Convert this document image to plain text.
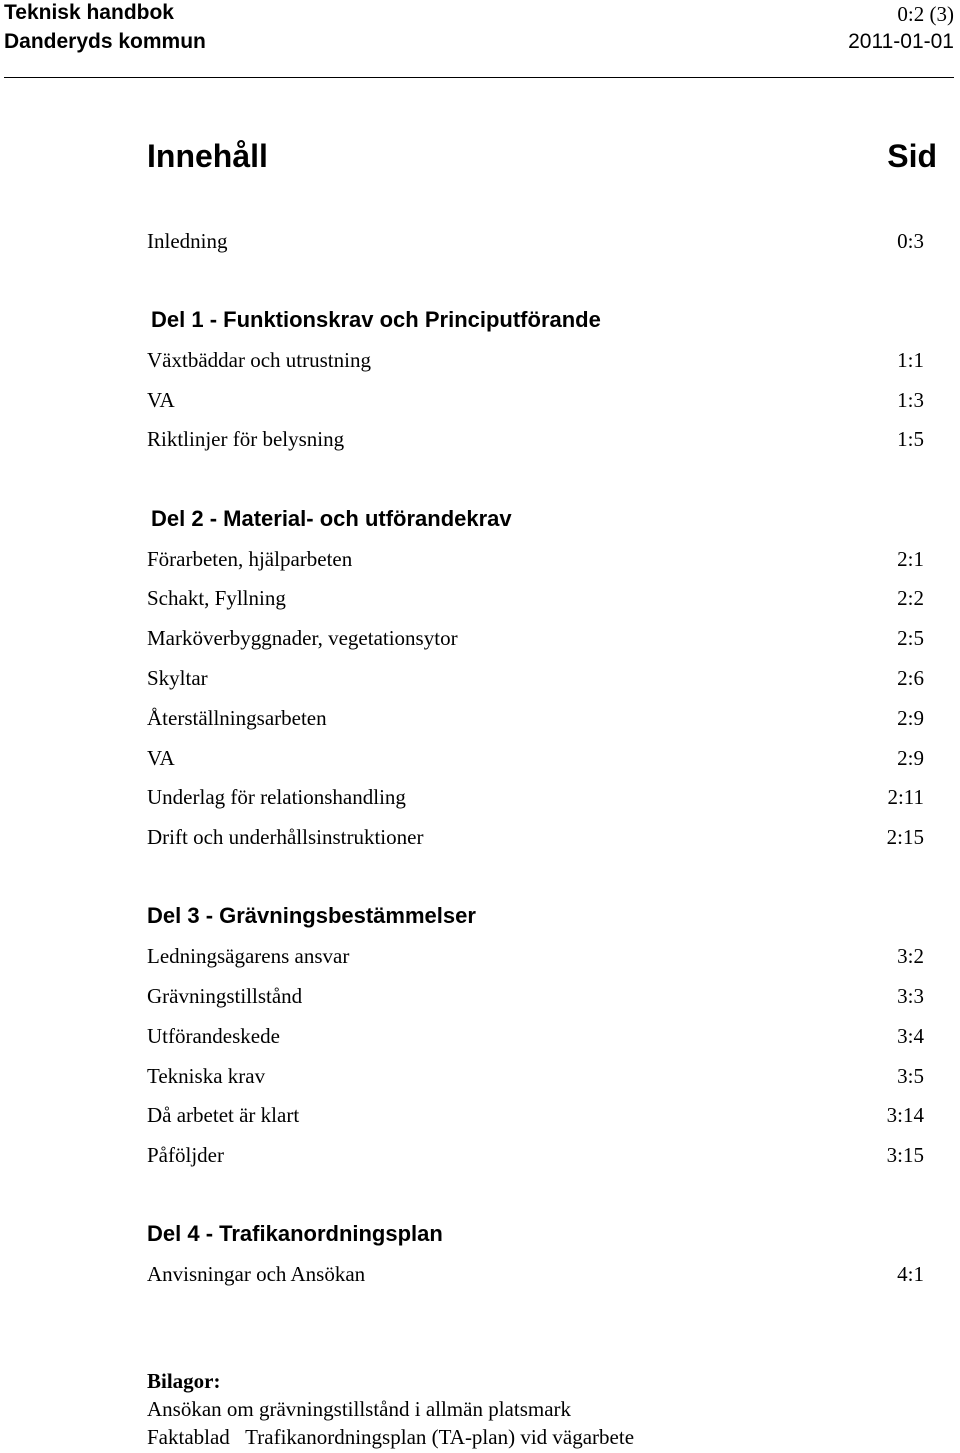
Teknisk handbok
Danderyds kommun
0:2 (3)
2011-01-01
Innehåll	Sid
Inledning	0:3
Del 1 - Funktionskrav och Principutförande
Växtbäddar och utrustning	1:1
VA	1:3
Riktlinjer för belysning	1:5
Del 2 - Material- och utförandekrav
Förarbeten, hjälparbeten	2:1
Schakt, Fyllning	2:2
Marköverbyggnader, vegetationsytor	2:5
Skyltar	2:6
Återställningsarbeten	2:9
VA	2:9
Underlag för relationshandling	2:11
Drift och underhållsinstruktioner	2:15
Del 3 - Grävningsbestämmelser
Ledningsägarens ansvar	3:2
Grävningstillstånd	3:3
Utförandeskede	3:4
Tekniska krav	3:5
Då arbetet är klart	3:14
Påföljder	3:15
Del 4 - Trafikanordningsplan
Anvisningar och Ansökan	4:1
Bilagor:
Ansökan om grävningstillstånd i allmän platsmark
Faktablad   Trafikanordningsplan (TA-plan) vid vägarbete
